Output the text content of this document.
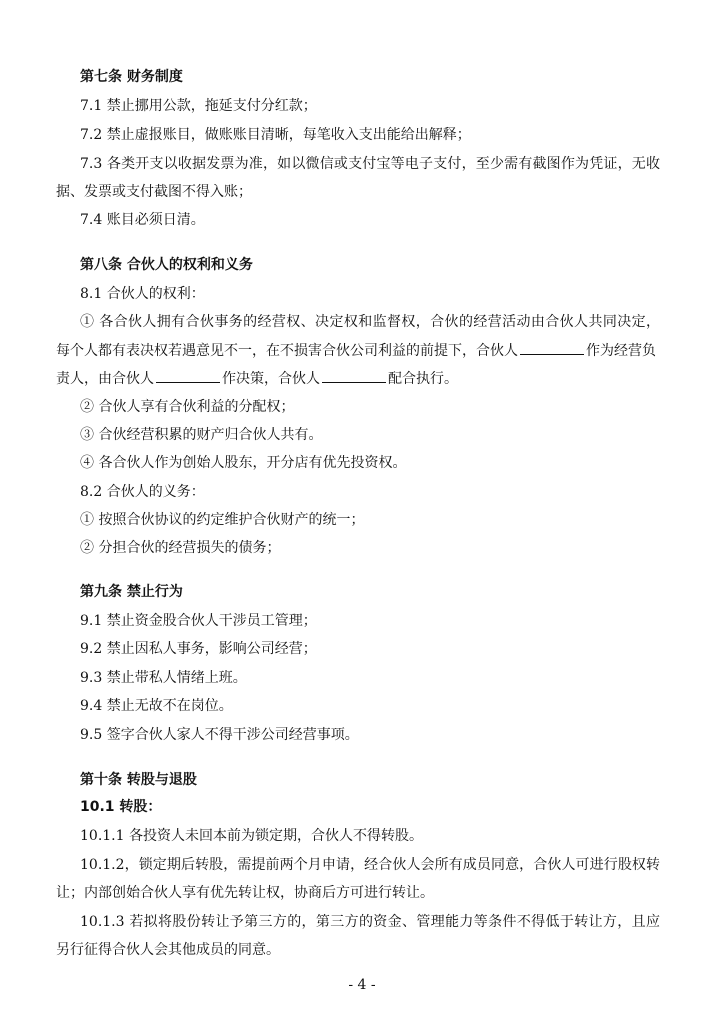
第七条 财务制度
7.1 禁止挪用公款，拖延支付分红款；
7.2 禁止虚报账目，做账账目清晰，每笔收入支出能给出解释；
7.3 各类开支以收据发票为准，如以微信或支付宝等电子支付，至少需有截图作为凭证，无收
据、发票或支付截图不得入账；
7.4 账目必须日清。
第八条 合伙人的权利和义务
8.1 合伙人的权利：
① 各合伙人拥有合伙事务的经营权、决定权和监督权，合伙的经营活动由合伙人共同决定，
每个人都有表决权若遇意见不一，在不损害合伙公司利益的前提下，合伙人	作为经营负
责人，由合伙人	作决策，合伙人	配合执行。
② 合伙人享有合伙利益的分配权；
③ 合伙经营积累的财产归合伙人共有。
④ 各合伙人作为创始人股东，开分店有优先投资权。
8.2 合伙人的义务：
① 按照合伙协议的约定维护合伙财产的统一；
② 分担合伙的经营损失的债务；
第九条 禁止行为
9.1 禁止资金股合伙人干涉员工管理；
9.2 禁止因私人事务，影响公司经营；
9.3 禁止带私人情绪上班。
9.4 禁止无故不在岗位。
9.5 签字合伙人家人不得干涉公司经营事项。
第十条 转股与退股
10.1 转股：
10.1.1 各投资人未回本前为锁定期，合伙人不得转股。
10.1.2，锁定期后转股，需提前两个月申请，经合伙人会所有成员同意，合伙人可进行股权转
让；内部创始合伙人享有优先转让权，协商后方可进行转让。
10.1.3 若拟将股份转让予第三方的，第三方的资金、管理能力等条件不得低于转让方，且应
另行征得合伙人会其他成员的同意。
- 4 -
